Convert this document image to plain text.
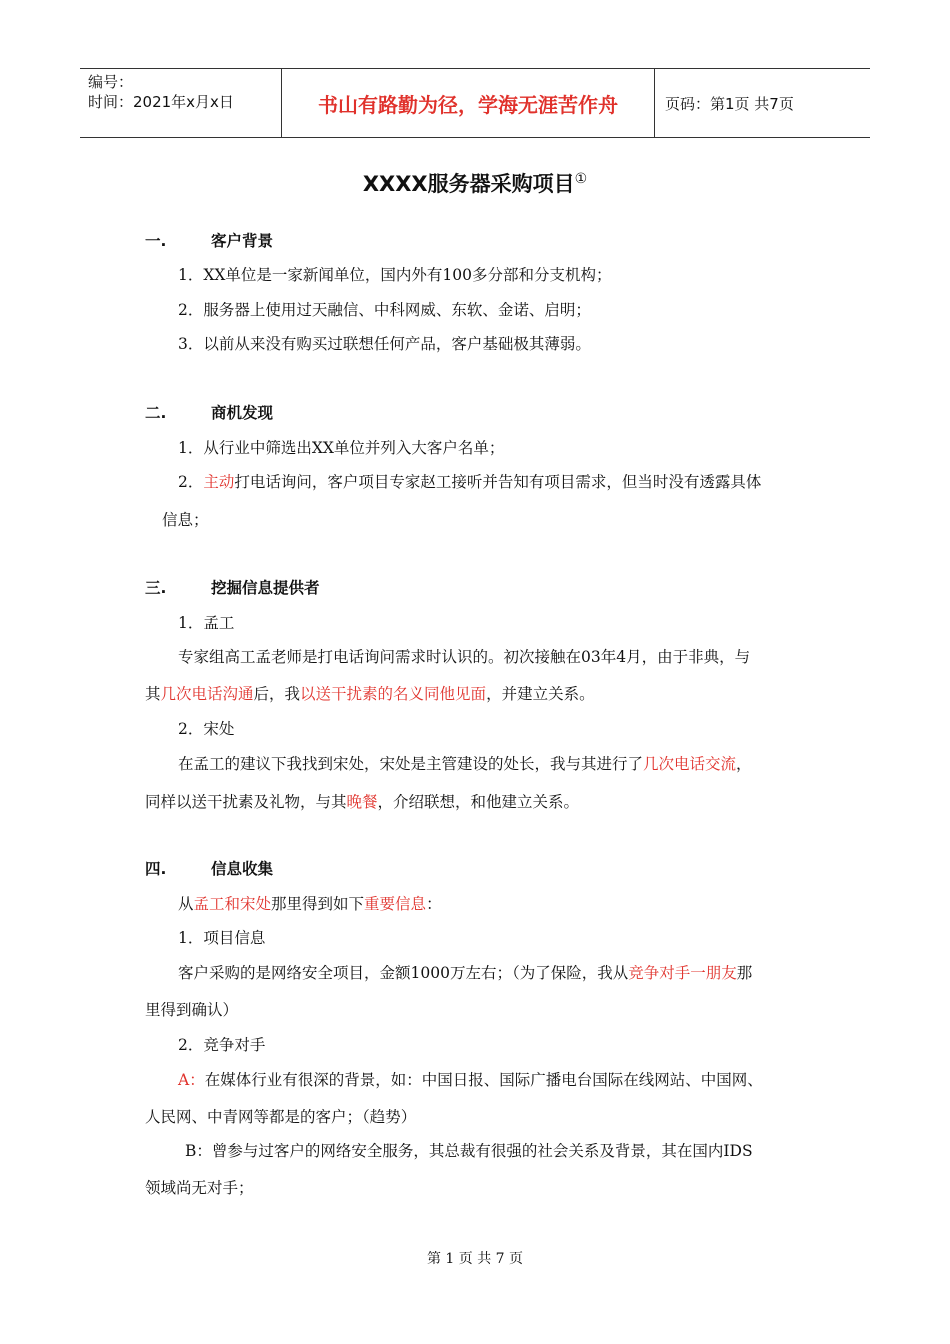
编号：
时间：2021年x月x日	书山有路勤为径，学海无涯苦作舟	页码：第1页 共7页
XXXX服务器采购项目①
一.	客户背景
1．XX单位是一家新闻单位，国内外有100多分部和分支机构；
2．服务器上使用过天融信、中科网威、东软、金诺、启明；
3．以前从来没有购买过联想任何产品，客户基础极其薄弱。
二.	商机发现
1．从行业中筛选出XX单位并列入大客户名单；
2．主动打电话询问，客户项目专家赵工接听并告知有项目需求，但当时没有透露具体
信息；
三.	挖掘信息提供者
1．孟工
专家组高工孟老师是打电话询问需求时认识的。初次接触在03年4月，由于非典，与
其几次电话沟通后，我以送干扰素的名义同他见面，并建立关系。
2．宋处
在孟工的建议下我找到宋处，宋处是主管建设的处长，我与其进行了几次电话交流，
同样以送干扰素及礼物，与其晚餐，介绍联想，和他建立关系。
四.	信息收集
从孟工和宋处那里得到如下重要信息：
1．项目信息
客户采购的是网络安全项目，金额1000万左右；（为了保险，我从竞争对手一朋友那
里得到确认）
2．竞争对手
A：在媒体行业有很深的背景，如：中国日报、国际广播电台国际在线网站、中国网、
人民网、中青网等都是的客户；（趋势）
B：曾参与过客户的网络安全服务，其总裁有很强的社会关系及背景，其在国内IDS
领域尚无对手；
第 1 页 共 7 页
